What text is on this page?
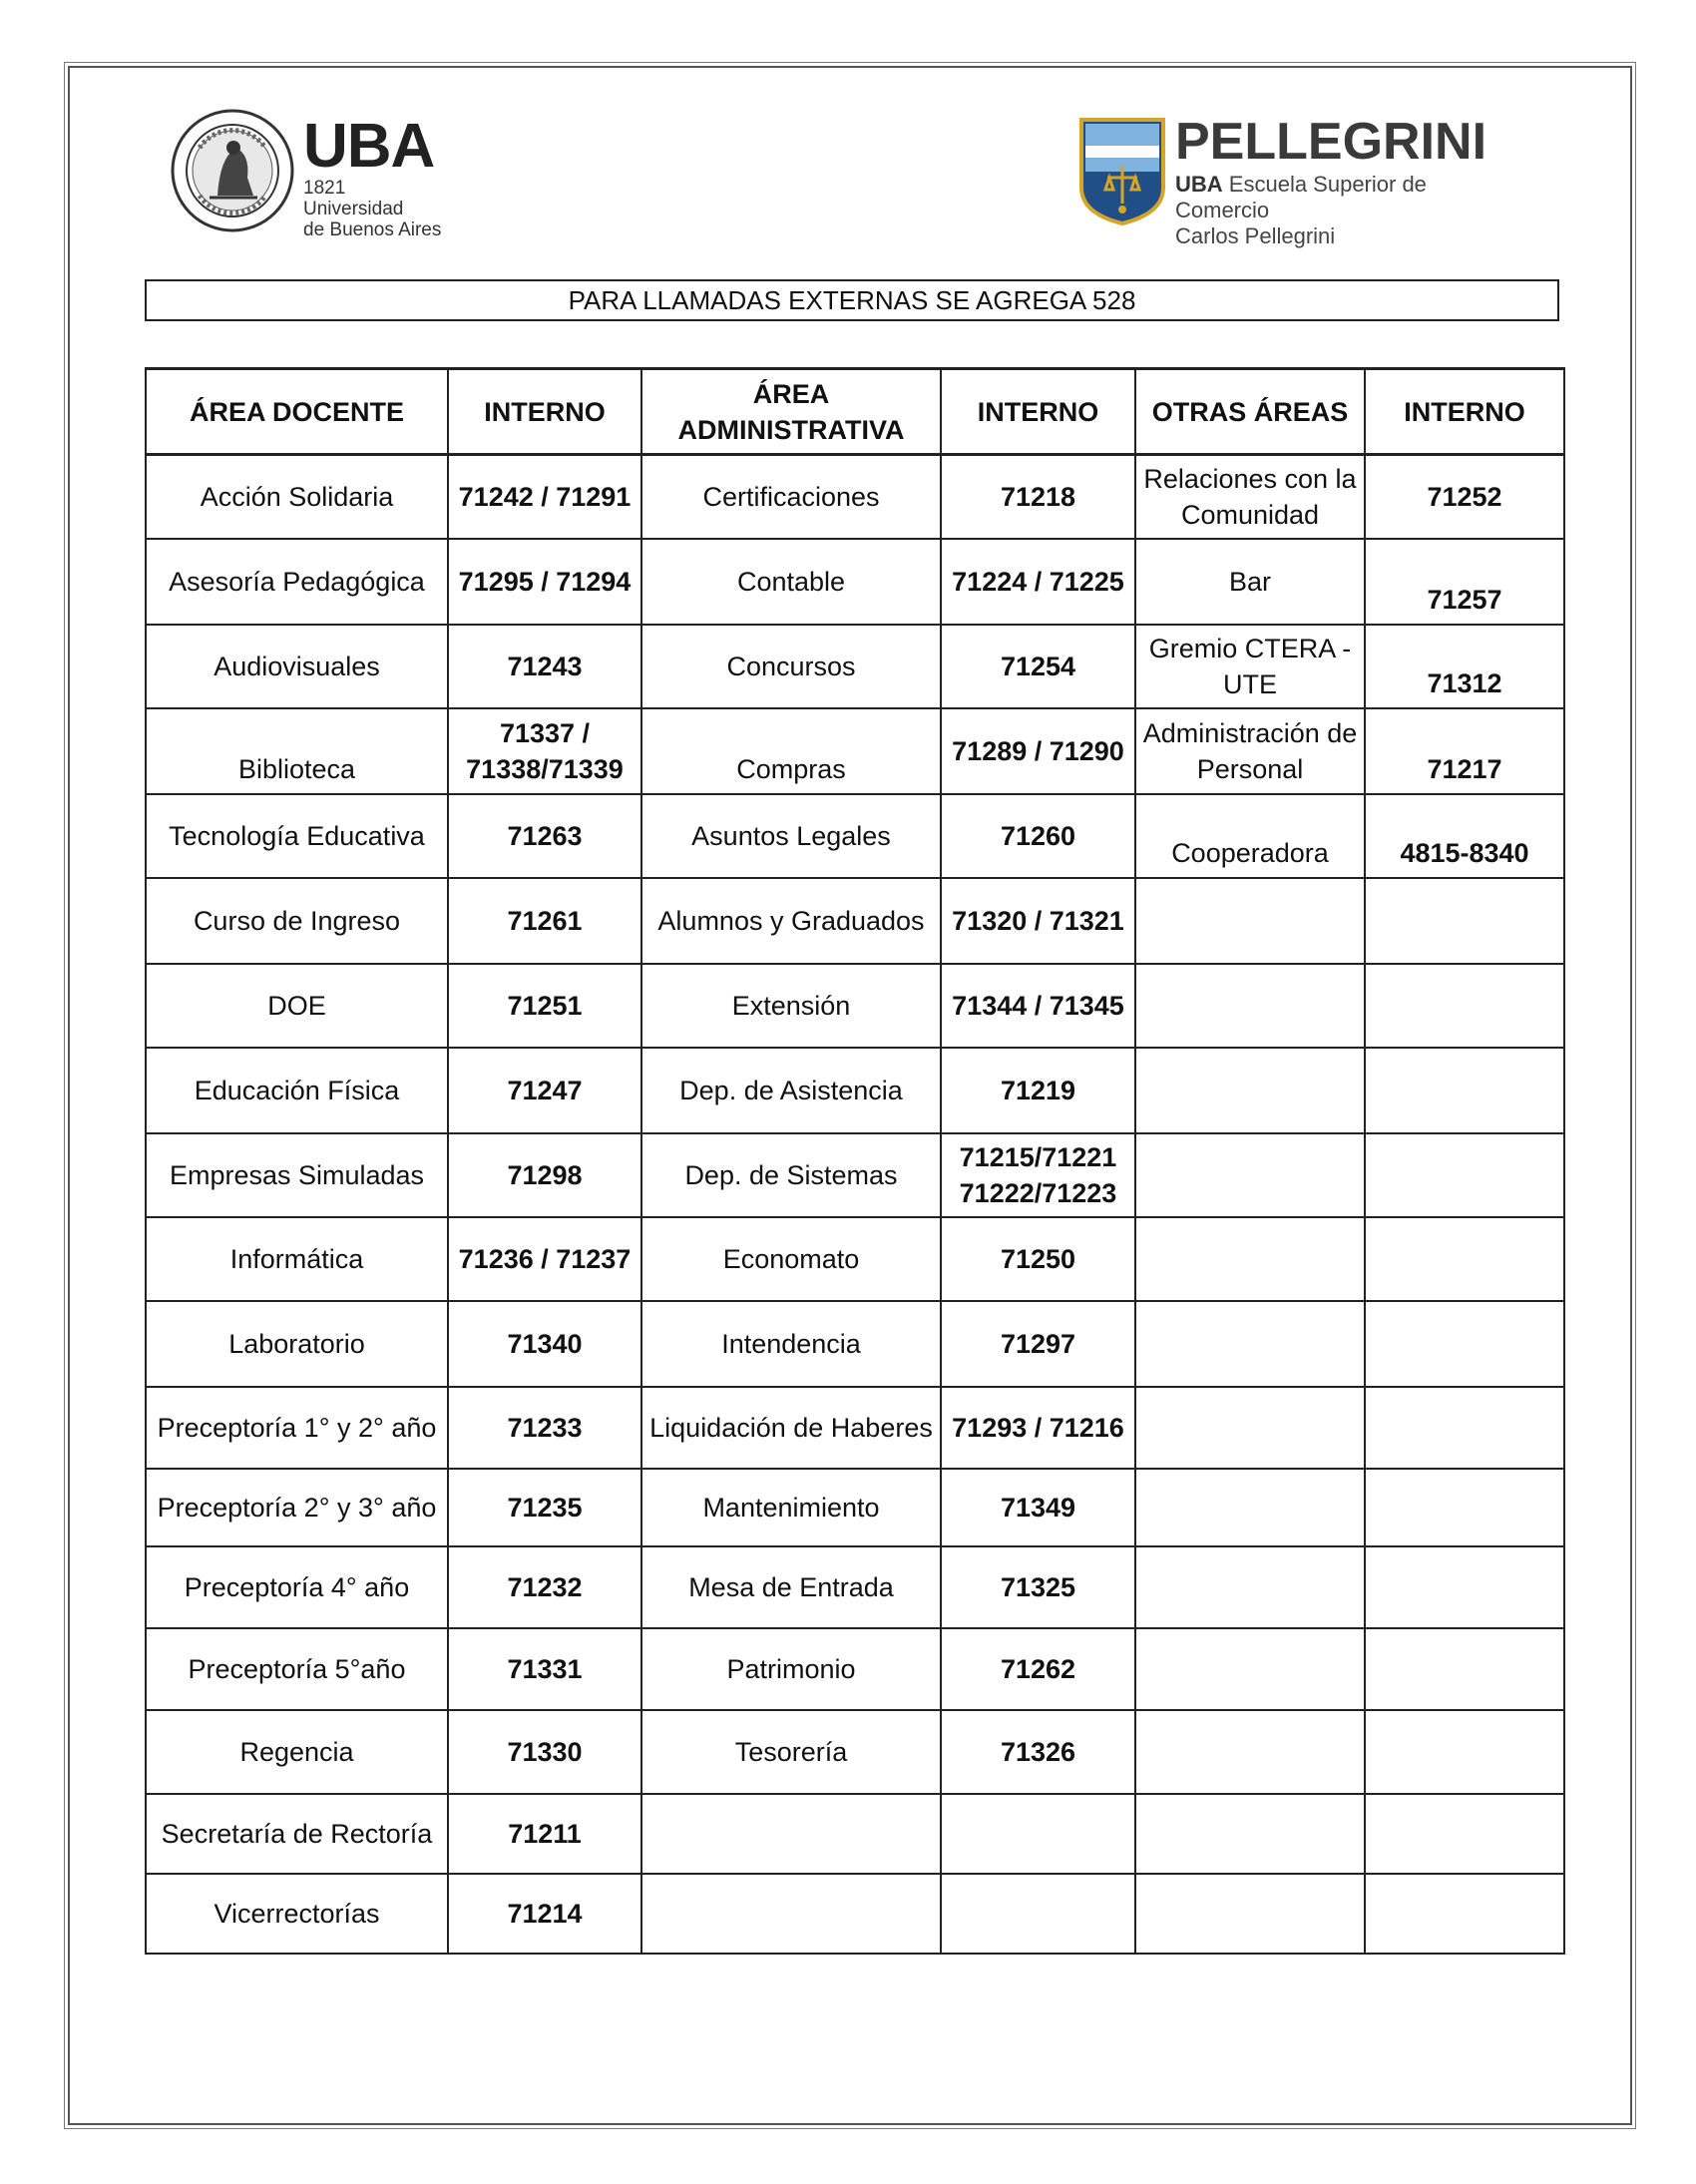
UBA
1821 Universidad
de Buenos Aires
PELLEGRINI
UBA Escuela Superior de Comercio
Carlos Pellegrini
PARA LLAMADAS EXTERNAS SE AGREGA 528
ÁREA DOCENTE	INTERNO	ÁREA ADMINISTRATIVA	INTERNO	OTRAS ÁREAS	INTERNO
Acción Solidaria	71242 / 71291	Certificaciones	71218	Relaciones con la Comunidad	71252
Asesoría Pedagógica	71295 / 71294	Contable	71224 / 71225	Bar	71257
Audiovisuales	71243	Concursos	71254	Gremio CTERA - UTE	71312
Biblioteca	71337 / 71338/71339	Compras	71289 / 71290	Administración de Personal	71217
Tecnología Educativa	71263	Asuntos Legales	71260	Cooperadora	4815-8340
Curso de Ingreso	71261	Alumnos y Graduados	71320 / 71321		
DOE	71251	Extensión	71344 / 71345		
Educación Física	71247	Dep. de Asistencia	71219		
Empresas Simuladas	71298	Dep. de Sistemas	71215/71221 71222/71223		
Informática	71236 / 71237	Economato	71250		
Laboratorio	71340	Intendencia	71297		
Preceptoría 1° y 2° año	71233	Liquidación de Haberes	71293 / 71216		
Preceptoría 2° y 3° año	71235	Mantenimiento	71349		
Preceptoría 4° año	71232	Mesa de Entrada	71325		
Preceptoría 5°año	71331	Patrimonio	71262		
Regencia	71330	Tesorería	71326		
Secretaría de Rectoría	71211				
Vicerrectorías	71214				
